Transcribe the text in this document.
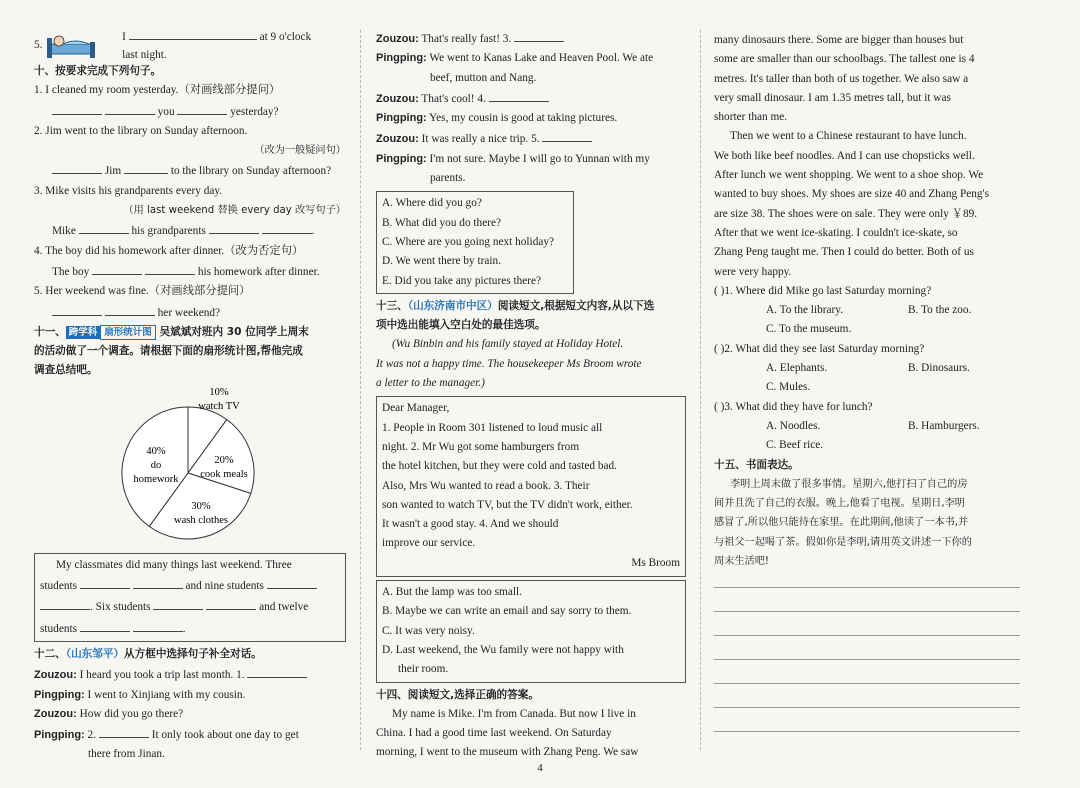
5.  I	at 9 o'clock
last night.
十、按要求完成下列句子。
1. I cleaned my room yesterday.（对画线部分提问）
you	yesterday?
2. Jim went to the library on Sunday afternoon.
（改为一般疑问句）
Jim	to the library on Sunday afternoon?
3. Mike visits his grandparents every day.
（用 last weekend 替换 every day 改写句子）
Mike	his grandparents	.
4. The boy did his homework after dinner.（改为否定句）
The boy	his homework after dinner.
5. Her weekend was fine.（对画线部分提问）
her weekend?
十一、 跨学科 扇形统计图 吴斌斌对班内 30 位同学上周末
的活动做了一个调查。请根据下面的扇形统计图,帮他完成
调查总结吧。
10%
watch TV
20%
cook meals
30%
wash clothes
40%
do
homework
My classmates did many things last weekend. Three
students	and nine students
. Six students	and twelve
students	.
十二、（山东邹平）从方框中选择句子补全对话。
Zouzou: I heard you took a trip last month. 1.
Pingping: I went to Xinjiang with my cousin.
Zouzou: How did you go there?
Pingping: 2.	It only took about one day to get
there from Jinan.
Zouzou: That's really fast! 3.
Pingping: We went to Kanas Lake and Heaven Pool. We ate
beef, mutton and Nang.
Zouzou: That's cool! 4.
Pingping: Yes, my cousin is good at taking pictures.
Zouzou: It was really a nice trip. 5.
Pingping: I'm not sure. Maybe I will go to Yunnan with my
parents.
A. Where did you go?
B. What did you do there?
C. Where are you going next holiday?
D. We went there by train.
E. Did you take any pictures there?
十三、（山东济南市中区）阅读短文,根据短文内容,从以下选
项中选出能填入空白处的最佳选项。
(Wu Binbin and his family stayed at Holiday Hotel.
It was not a happy time. The housekeeper Ms Broom wrote
a letter to the manager.)
Dear Manager,
1. People in Room 301 listened to loud music all
night. 2. Mr Wu got some hamburgers from
the hotel kitchen, but they were cold and tasted bad.
Also, Mrs Wu wanted to read a book. 3. Their
son wanted to watch TV, but the TV didn't work, either.
It wasn't a good stay. 4. And we should
improve our service.
Ms Broom
A. But the lamp was too small.
B. Maybe we can write an email and say sorry to them.
C. It was very noisy.
D. Last weekend, the Wu family were not happy with
their room.
十四、阅读短文,选择正确的答案。
My name is Mike. I'm from Canada. But now I live in
China. I had a good time last weekend. On Saturday
morning, I went to the museum with Zhang Peng. We saw
many dinosaurs there. Some are bigger than houses but
some are smaller than our schoolbags. The tallest one is 4
metres. It's taller than both of us together. We also saw a
very small dinosaur. I am 1.35 metres tall, but it was
shorter than me.
Then we went to a Chinese restaurant to have lunch.
We both like beef noodles. And I can use chopsticks well.
After lunch we went shopping. We went to a shoe shop. We
wanted to buy shoes. My shoes are size 40 and Zhang Peng's
are size 38. The shoes were on sale. They were only ￥89.
After that we went ice-skating. I couldn't ice-skate, so
Zhang Peng taught me. Then I could do better. Both of us
were very happy.
( )1. Where did Mike go last Saturday morning?
A. To the library.	B. To the zoo.
C. To the museum.
( )2. What did they see last Saturday morning?
A. Elephants.	B. Dinosaurs.
C. Mules.
( )3. What did they have for lunch?
A. Noodles.	B. Hamburgers.
C. Beef rice.
十五、书面表达。
李明上周末做了很多事情。星期六,他打扫了自己的房
间并且洗了自己的衣服。晚上,他看了电视。星期日,李明
感冒了,所以他只能待在家里。在此期间,他读了一本书,并
与祖父一起喝了茶。假如你是李明,请用英文讲述一下你的
周末生活吧!
4
